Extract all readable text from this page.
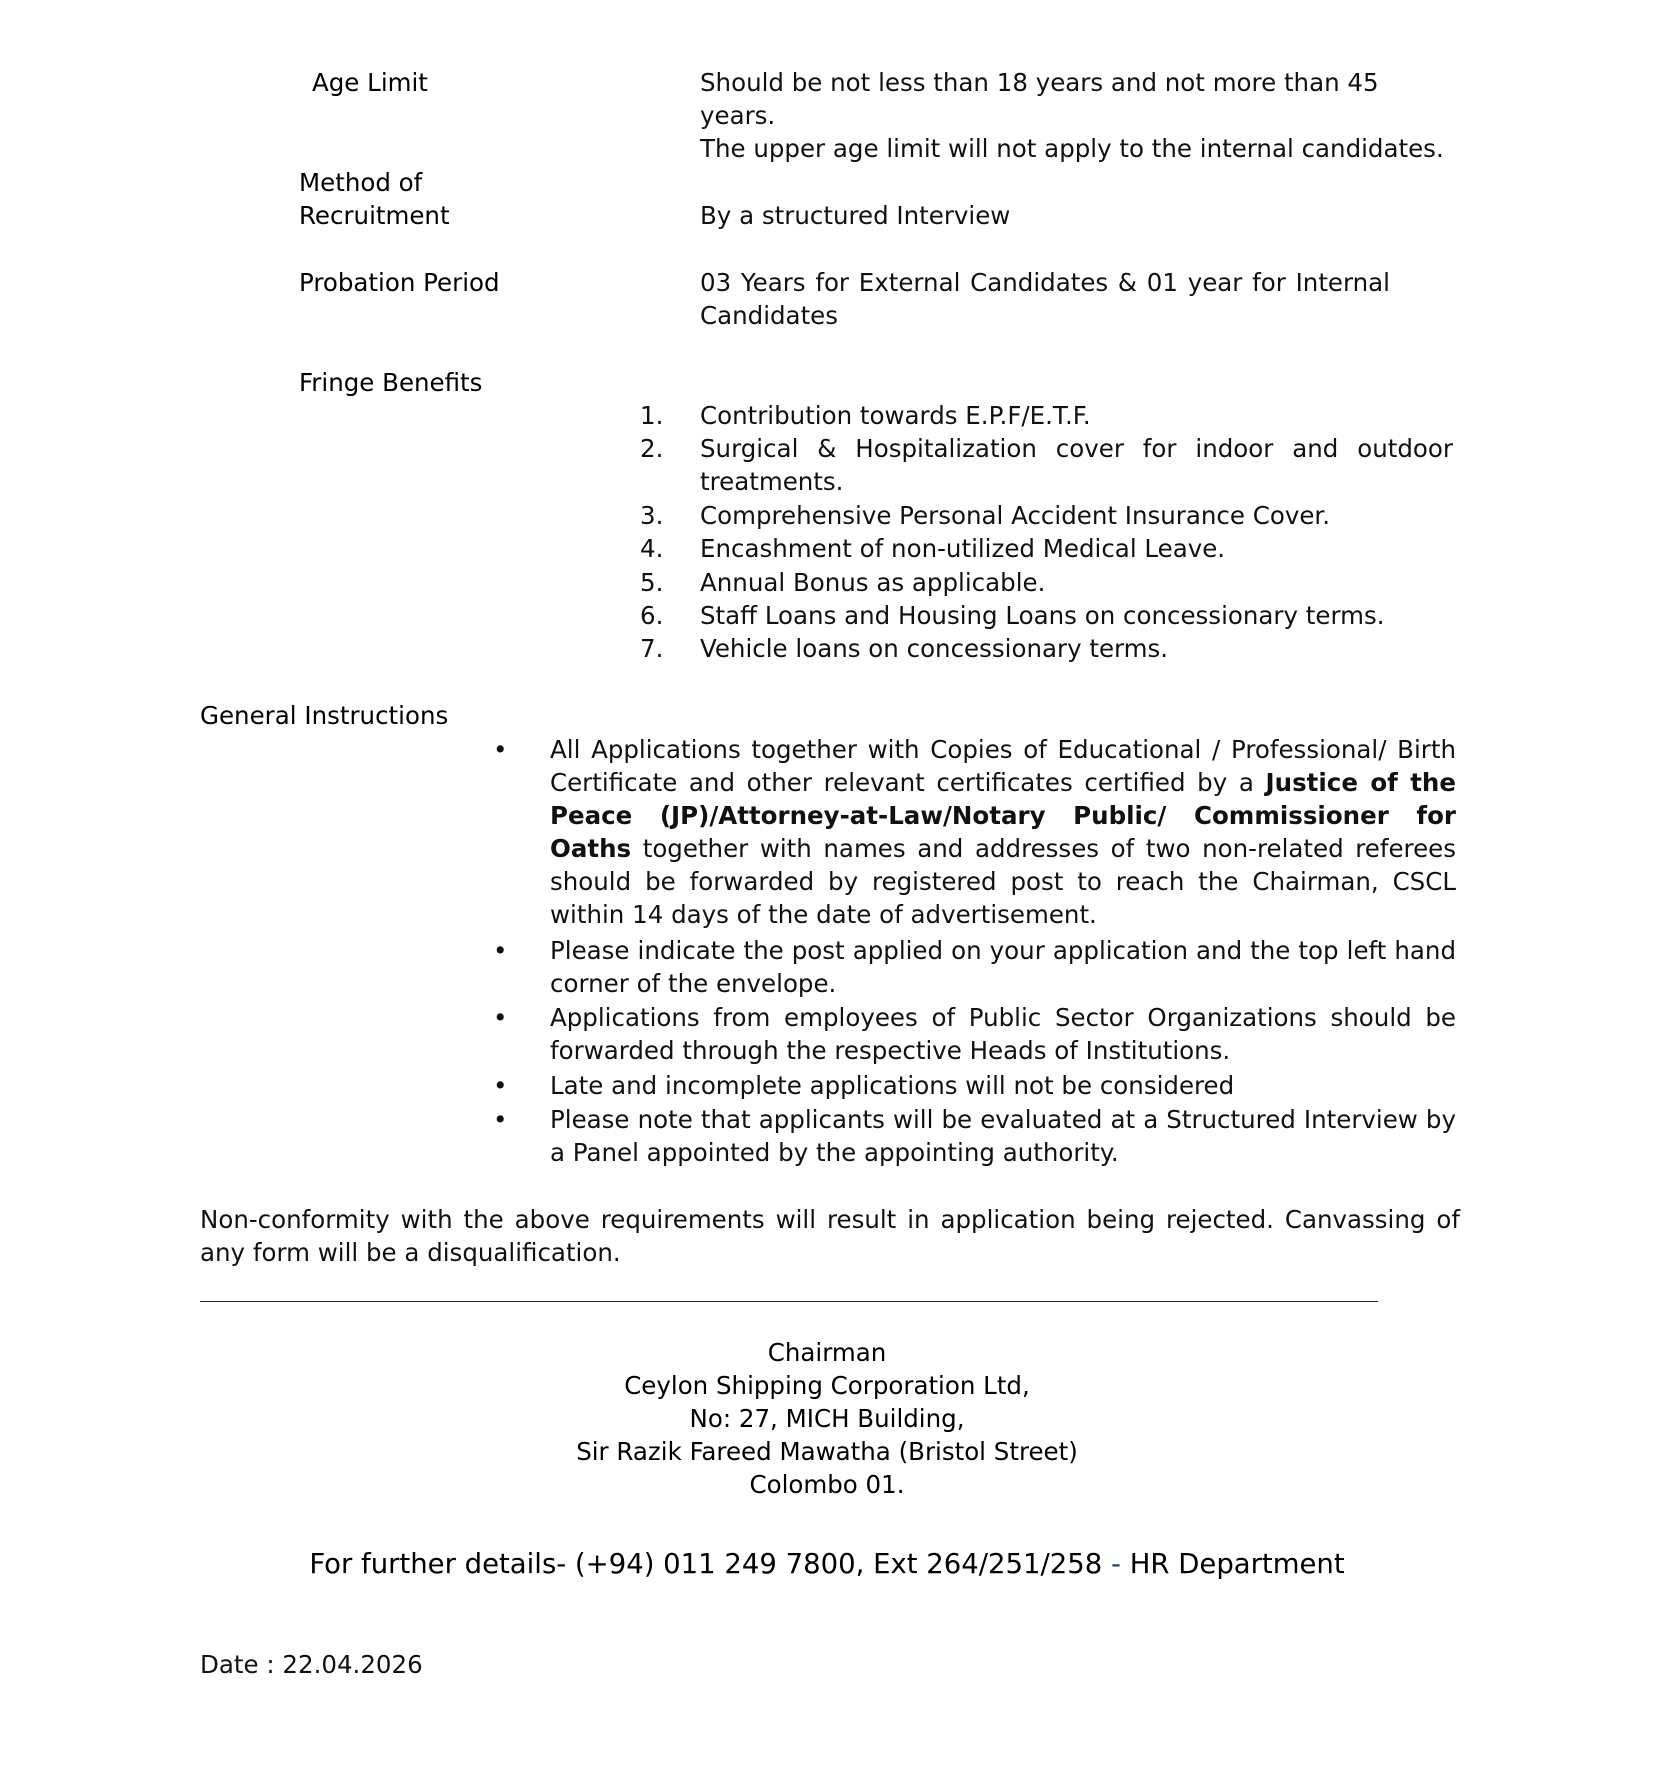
Age Limit	Should be not less than 18 years and not more than 45 years.
The upper age limit will not apply to the internal candidates.
Method of
Recruitment	By a structured Interview
Probation Period	03 Years for External Candidates & 01 year for Internal Candidates
Fringe Benefits
1.	Contribution towards E.P.F/E.T.F.
2.	Surgical & Hospitalization cover for indoor and outdoor treatments.
3.	Comprehensive Personal Accident Insurance Cover.
4.	Encashment of non-utilized Medical Leave.
5.	Annual Bonus as applicable.
6.	Staff Loans and Housing Loans on concessionary terms.
7.	Vehicle loans on concessionary terms.
General Instructions
•	All Applications together with Copies of Educational / Professional/ Birth Certificate and other relevant certificates certified by a Justice of the Peace (JP)/Attorney-at-Law/Notary Public/ Commissioner for Oaths together with names and addresses of two non-related referees should be forwarded by registered post to reach the Chairman, CSCL within 14 days of the date of advertisement.
•	Please indicate the post applied on your application and the top left hand corner of the envelope.
•	Applications from employees of Public Sector Organizations should be forwarded through the respective Heads of Institutions.
•	Late and incomplete applications will not be considered
•	Please note that applicants will be evaluated at a Structured Interview by a Panel appointed by the appointing authority.
Non-conformity with the above requirements will result in application being rejected. Canvassing of any form will be a disqualification.
Chairman
Ceylon Shipping Corporation Ltd,
No: 27, MICH Building,
Sir Razik Fareed Mawatha (Bristol Street)
Colombo 01.
For further details- (+94) 011 249 7800, Ext 264/251/258 - HR Department
Date : 22.04.2026
